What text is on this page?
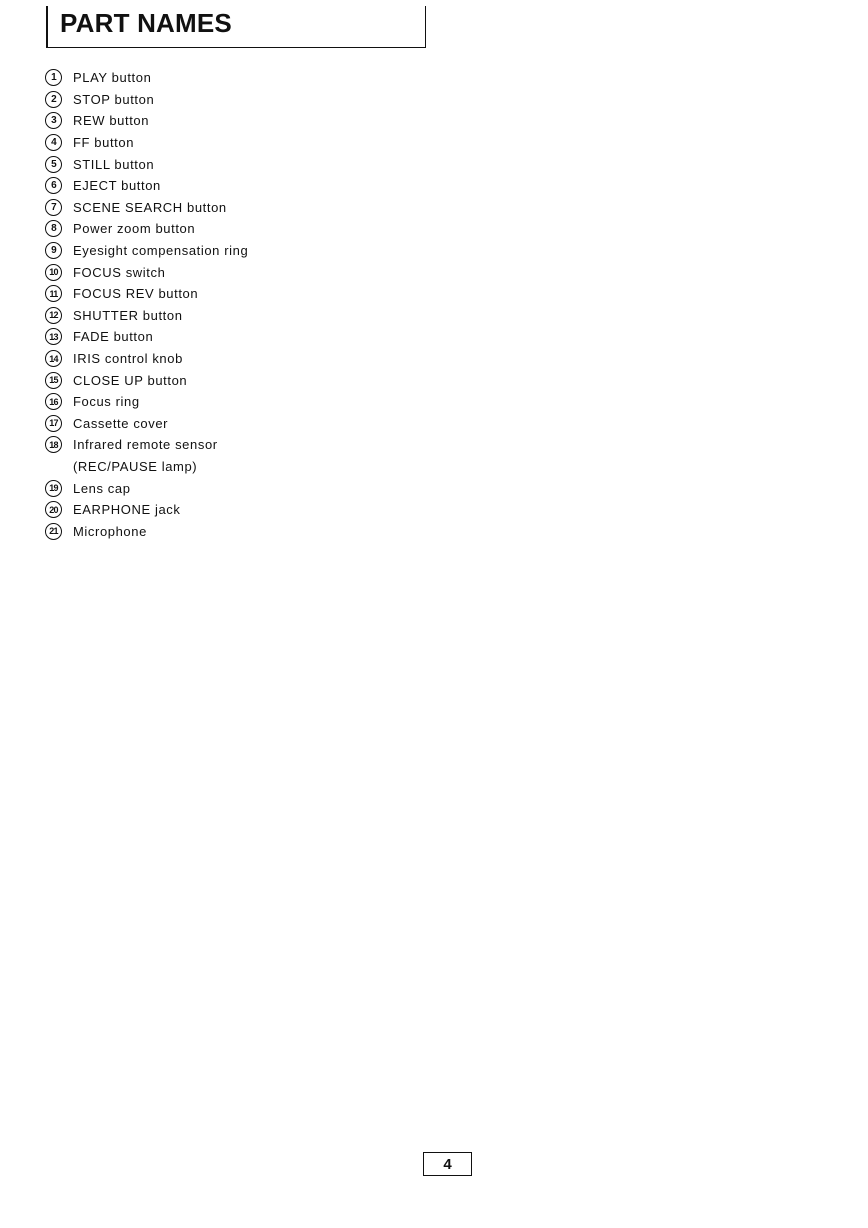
PART NAMES
1	PLAY button
2	STOP button
3	REW button
4	FF button
5	STILL button
6	EJECT button
7	SCENE SEARCH button
8	Power zoom button
9	Eyesight compensation ring
10	FOCUS switch
11	FOCUS REV button
12	SHUTTER button
13	FADE button
14	IRIS control knob
15	CLOSE UP button
16	Focus ring
17	Cassette cover
18	Infrared remote sensor
(REC/PAUSE lamp)
19	Lens cap
20	EARPHONE jack
21	Microphone
4
